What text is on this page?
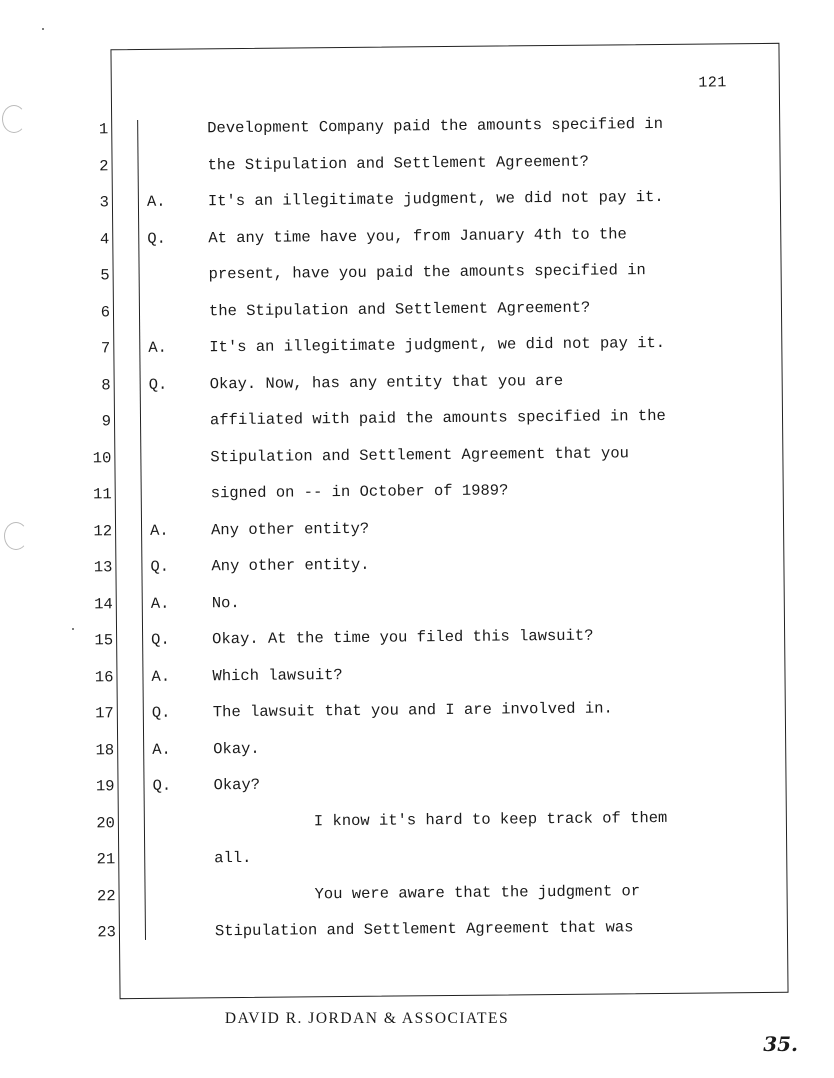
121
1	Development Company paid the amounts specified in
2	the Stipulation and Settlement Agreement?
3 A.	It's an illegitimate judgment, we did not pay it.
4 Q.	At any time have you, from January 4th to the
5	present, have you paid the amounts specified in
6	the Stipulation and Settlement Agreement?
7 A.	It's an illegitimate judgment, we did not pay it.
8 Q.	Okay. Now, has any entity that you are
9	affiliated with paid the amounts specified in the
10	Stipulation and Settlement Agreement that you
11	signed on -- in October of 1989?
12 A.	Any other entity?
13 Q.	Any other entity.
14 A.	No.
15 Q.	Okay. At the time you filed this lawsuit?
16 A.	Which lawsuit?
17 Q.	The lawsuit that you and I are involved in.
18 A.	Okay.
19 Q.	Okay?
20	I know it's hard to keep track of them
21	all.
22	You were aware that the judgment or
23	Stipulation and Settlement Agreement that was
DAVID R. JORDAN & ASSOCIATES
35.
